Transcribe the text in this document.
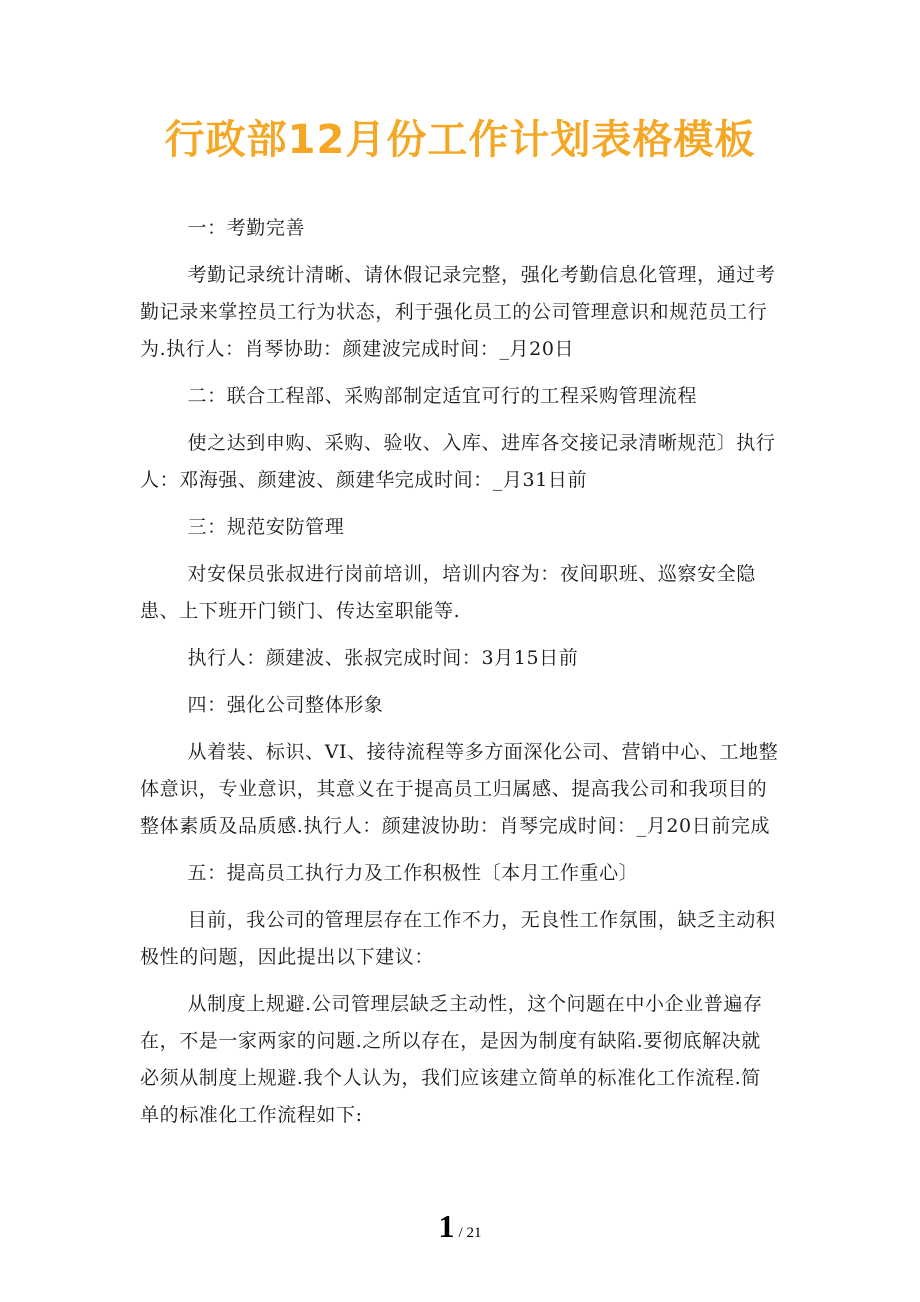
行政部12月份工作计划表格模板

一：考勤完善

考勤记录统计清晰、请休假记录完整，强化考勤信息化管理，通过考勤记录来掌控员工行为状态，利于强化员工的公司管理意识和规范员工行为.执行人：肖琴协助：颜建波完成时间：_月20日

二：联合工程部、采购部制定适宜可行的工程采购管理流程

使之达到申购、采购、验收、入库、进库各交接记录清晰规范〕执行人：邓海强、颜建波、颜建华完成时间：_月31日前

三：规范安防管理

对安保员张叔进行岗前培训，培训内容为：夜间职班、巡察安全隐患、上下班开门锁门、传达室职能等.

执行人：颜建波、张叔完成时间：3月15日前

四：强化公司整体形象

从着装、标识、VI、接待流程等多方面深化公司、营销中心、工地整体意识，专业意识，其意义在于提高员工归属感、提高我公司和我项目的整体素质及品质感.执行人：颜建波协助：肖琴完成时间：_月20日前完成

五：提高员工执行力及工作积极性〔本月工作重心〕

目前，我公司的管理层存在工作不力，无良性工作氛围，缺乏主动积极性的问题，因此提出以下建议：

从制度上规避.公司管理层缺乏主动性，这个问题在中小企业普遍存在，不是一家两家的问题.之所以存在，是因为制度有缺陷.要彻底解决就必须从制度上规避.我个人认为，我们应该建立简单的标准化工作流程.简单的标准化工作流程如下:

1 / 21
